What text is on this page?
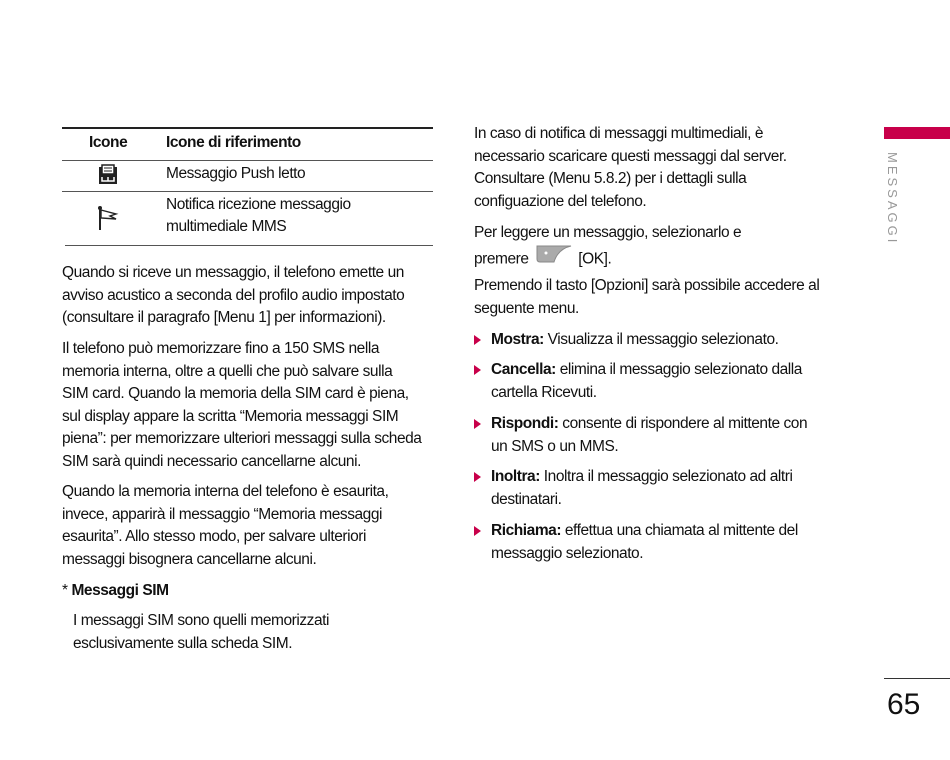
Icone	Icone di riferimento
Messaggio Push letto
Notifica ricezione messaggio
multimediale MMS
Quando si riceve un messaggio, il telefono emette un
avviso acustico a seconda del profilo audio impostato
(consultare il paragrafo [Menu 1] per informazioni).
Il telefono può memorizzare fino a 150 SMS nella
memoria interna, oltre a quelli che può salvare sulla
SIM card. Quando la memoria della SIM card è piena,
sul display appare la scritta “Memoria messaggi SIM
piena”: per memorizzare ulteriori messaggi sulla scheda
SIM sarà quindi necessario cancellarne alcuni.
Quando la memoria interna del telefono è esaurita,
invece, apparirà il messaggio “Memoria messaggi
esaurita”. Allo stesso modo, per salvare ulteriori
messaggi bisognera cancellarne alcuni.
* Messaggi SIM
I messaggi SIM sono quelli memorizzati
esclusivamente sulla scheda SIM.
In caso di notifica di messaggi multimediali, è
necessario scaricare questi messaggi dal server.
Consultare (Menu 5.8.2) per i dettagli sulla
configuazione del telefono.
Per leggere un messaggio, selezionarlo e
premere	[OK].
Premendo il tasto [Opzioni] sarà possibile accedere al
seguente menu.
Mostra: Visualizza il messaggio selezionato.
Cancella: elimina il messaggio selezionato dalla
cartella Ricevuti.
Rispondi: consente di rispondere al mittente con
un SMS o un MMS.
Inoltra: Inoltra il messaggio selezionato ad altri
destinatari.
Richiama: effettua una chiamata al mittente del
messaggio selezionato.
MESSAGGI
65
